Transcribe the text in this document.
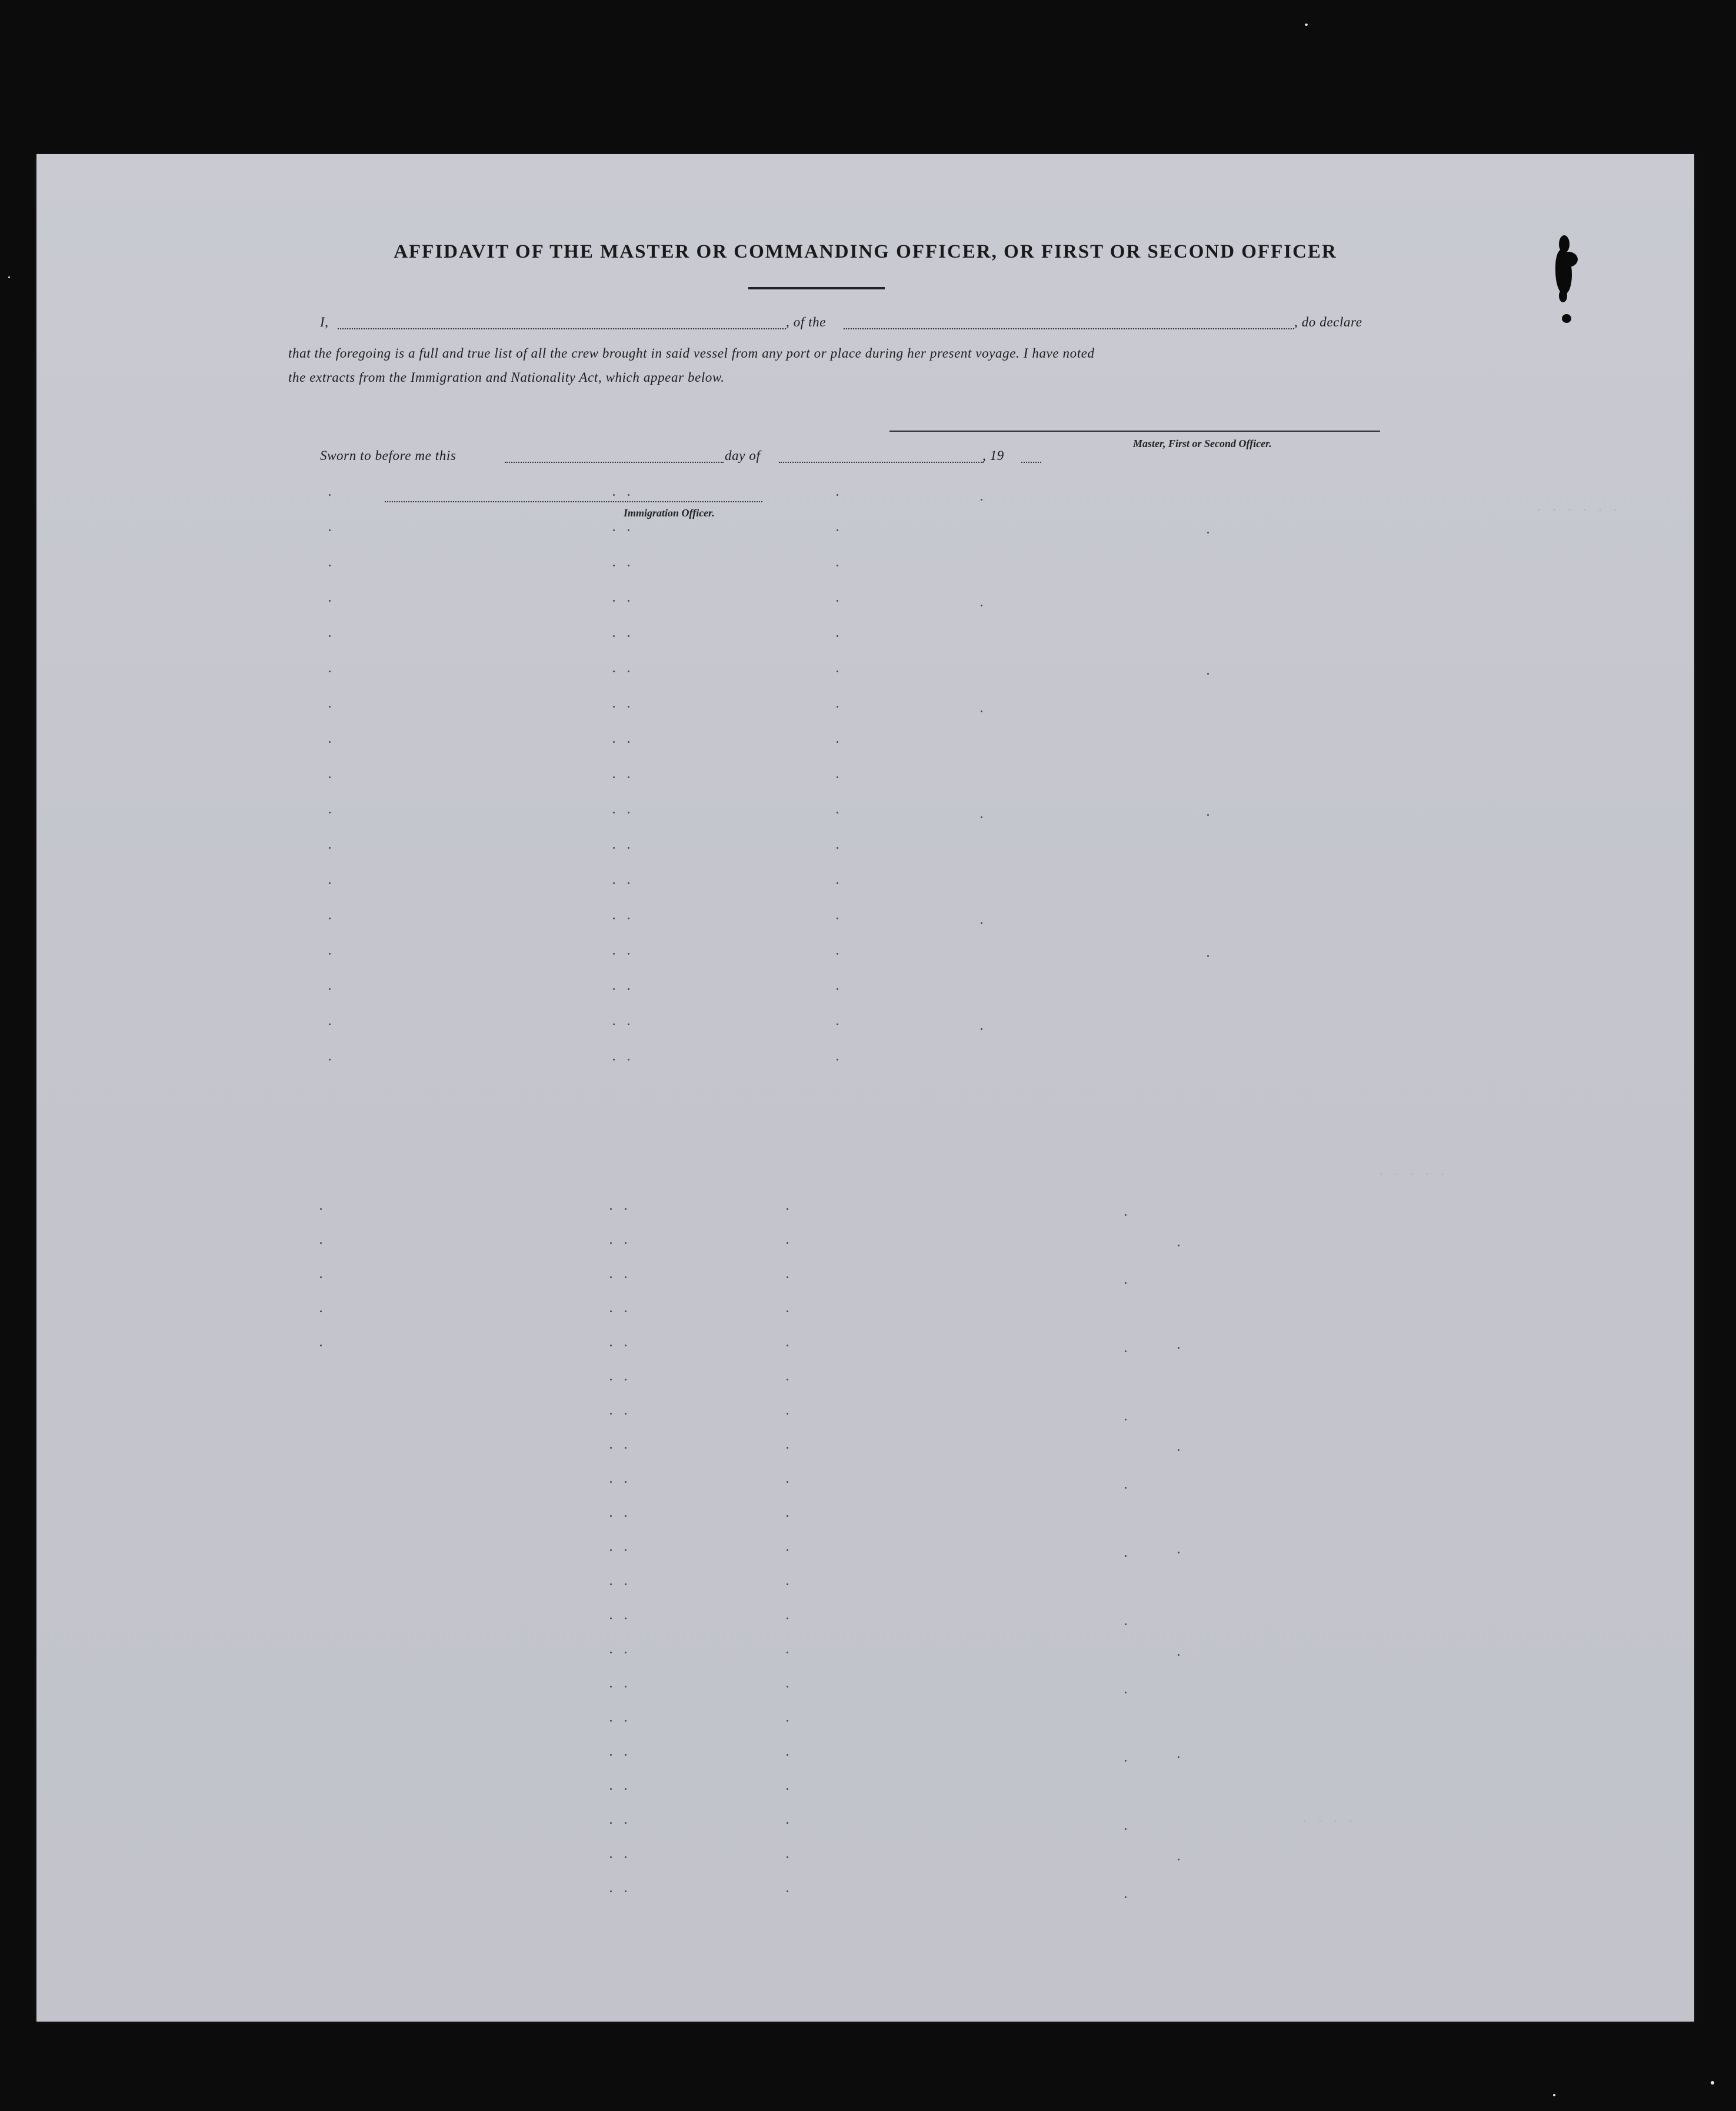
AFFIDAVIT OF THE MASTER OR COMMANDING OFFICER, OR FIRST OR SECOND OFFICER
I,	, of the	, do declare
that the foregoing is a full and true list of all the crew brought in said vessel from any port or place during her present voyage. I have noted
the extracts from the Immigration and Nationality Act, which appear below.
Master, First or Second Officer.
Sworn to before me this	day of	, 19
Immigration Officer.	. . . . . .
. . . . .
. . . .
